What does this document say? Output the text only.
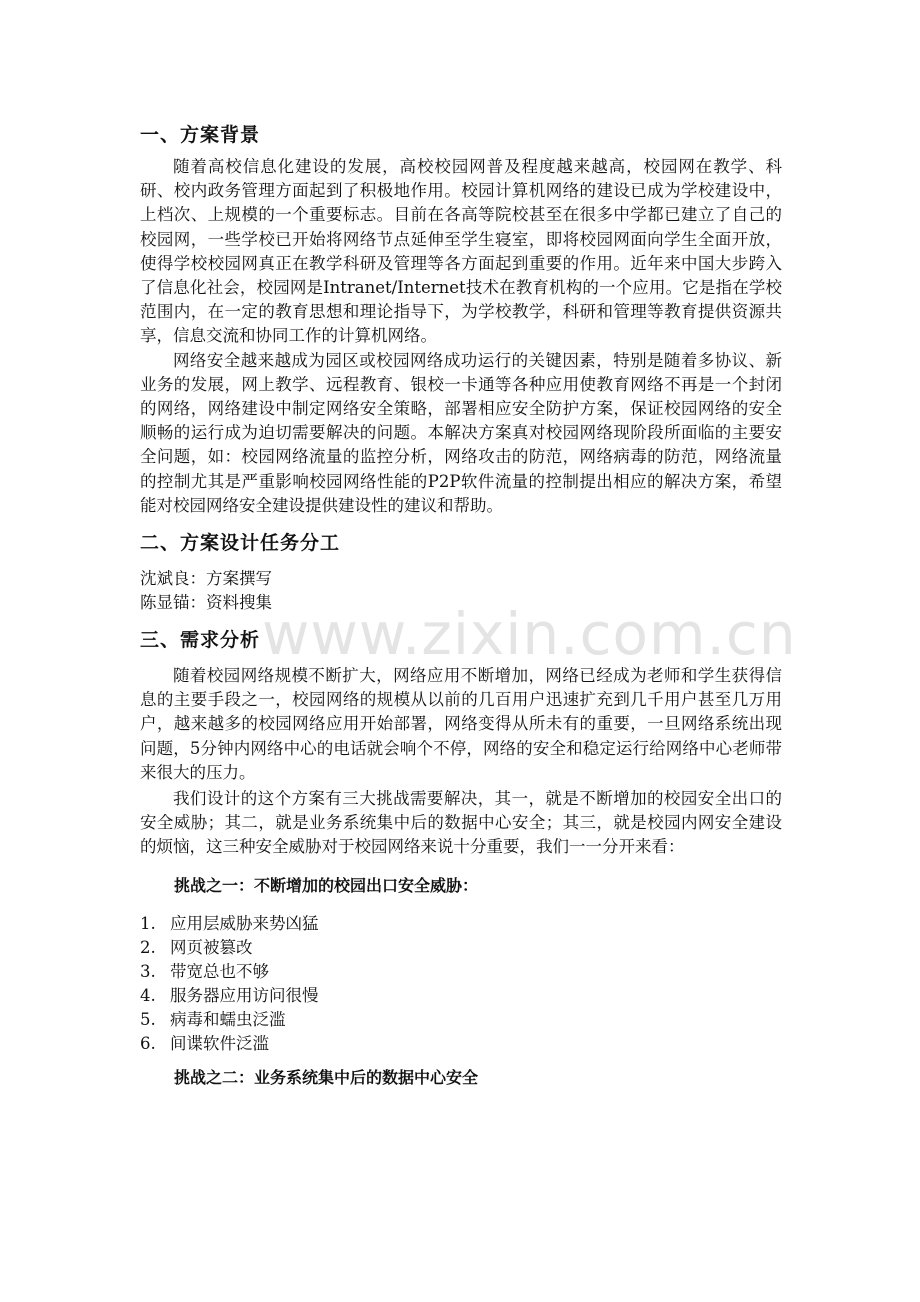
www.zixin.com.cn
一、方案背景

随着高校信息化建设的发展，高校校园网普及程度越来越高，校园网在教学、科研、校内政务管理方面起到了积极地作用。校园计算机网络的建设已成为学校建设中，上档次、上规模的一个重要标志。目前在各高等院校甚至在很多中学都已建立了自己的校园网，一些学校已开始将网络节点延伸至学生寝室，即将校园网面向学生全面开放，使得学校校园网真正在教学科研及管理等各方面起到重要的作用。近年来中国大步跨入了信息化社会，校园网是Intranet/Internet技术在教育机构的一个应用。它是指在学校范围内，在一定的教育思想和理论指导下，为学校教学，科研和管理等教育提供资源共享，信息交流和协同工作的计算机网络。

网络安全越来越成为园区或校园网络成功运行的关键因素，特别是随着多协议、新业务的发展，网上教学、远程教育、银校一卡通等各种应用使教育网络不再是一个封闭的网络，网络建设中制定网络安全策略，部署相应安全防护方案，保证校园网络的安全顺畅的运行成为迫切需要解决的问题。本解决方案真对校园网络现阶段所面临的主要安全问题，如：校园网络流量的监控分析，网络攻击的防范，网络病毒的防范，网络流量的控制尤其是严重影响校园网络性能的P2P软件流量的控制提出相应的解决方案，希望能对校园网络安全建设提供建设性的建议和帮助。

二、方案设计任务分工

沈斌良：方案撰写

陈显锚：资料搜集

三、需求分析

随着校园网络规模不断扩大，网络应用不断增加，网络已经成为老师和学生获得信息的主要手段之一，校园网络的规模从以前的几百用户迅速扩充到几千用户甚至几万用户，越来越多的校园网络应用开始部署，网络变得从所未有的重要，一旦网络系统出现问题，5分钟内网络中心的电话就会响个不停，网络的安全和稳定运行给网络中心老师带来很大的压力。

我们设计的这个方案有三大挑战需要解决，其一，就是不断增加的校园安全出口的安全威胁；其二，就是业务系统集中后的数据中心安全；其三，就是校园内网安全建设的烦恼，这三种安全威胁对于校园网络来说十分重要，我们一一分开来看：

挑战之一：不断增加的校园出口安全威胁：
1. 应用层威胁来势凶猛
2. 网页被篡改
3. 带宽总也不够
4. 服务器应用访问很慢
5. 病毒和蠕虫泛滥
6. 间谍软件泛滥
挑战之二：业务系统集中后的数据中心安全
